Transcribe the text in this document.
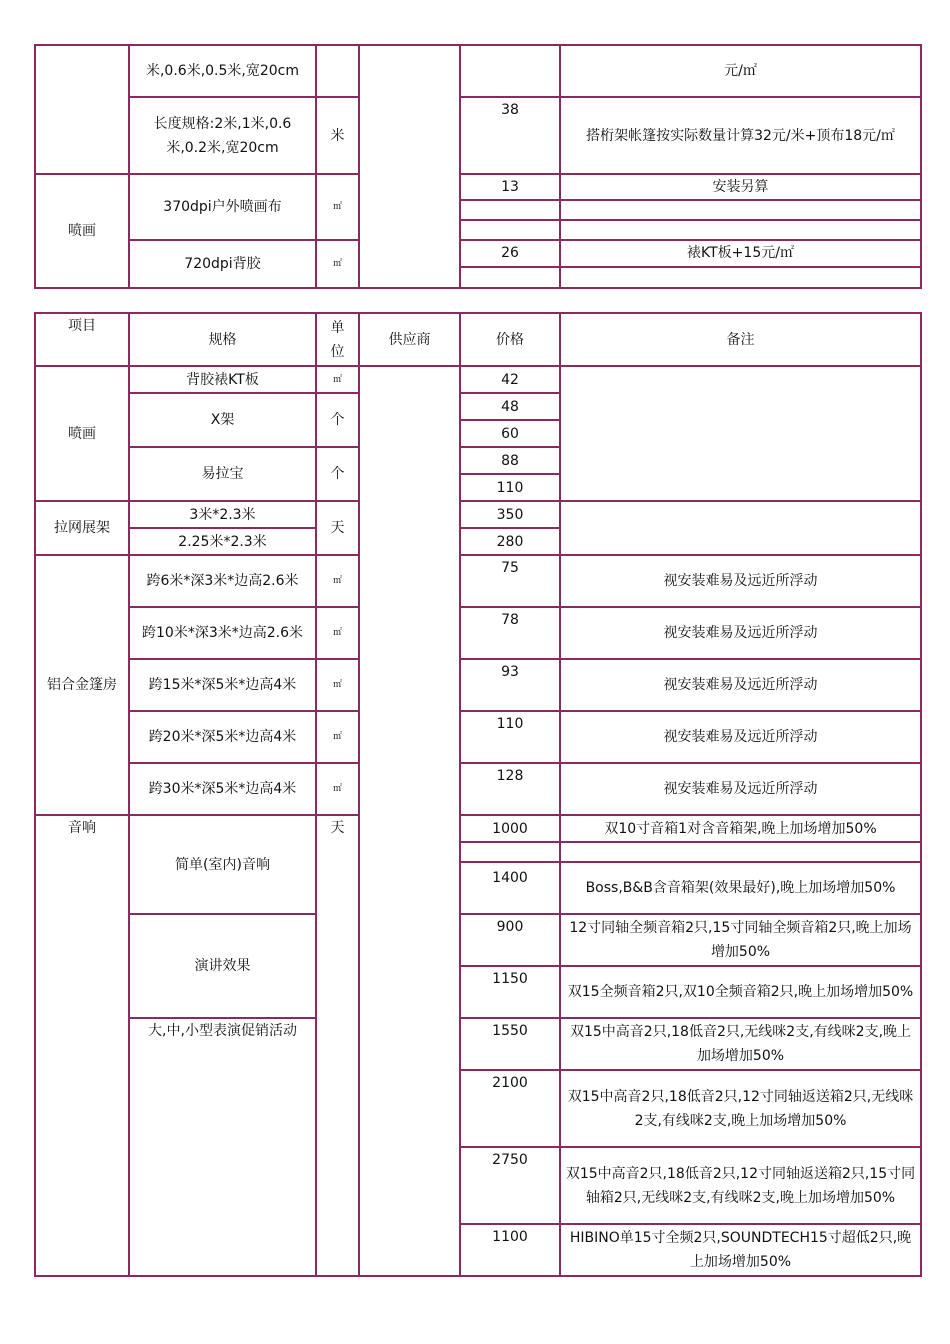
	米,0.6米,0.5米,宽20cm				元/㎡
	长度规格:2米,1米,0.6米,0.2米,宽20cm	米		38	搭桁架帐篷按实际数量计算32元/米+顶布18元/㎡
喷画	370dpi户外喷画布	㎡		13	安装另算

	720dpi背胶	㎡		26	裱KT板+15元/㎡
项目	规格	单位	供应商	价格	备注
喷画	背胶裱KT板	㎡		42	
	X架	个		48	
				60	
	易拉宝	个		88	
				110	
拉网展架	3米*2.3米	天		350	
	2.25米*2.3米			280	
铝合金篷房	跨6米*深3米*边高2.6米	㎡		75	视安装难易及远近所浮动
	跨10米*深3米*边高2.6米	㎡		78	视安装难易及远近所浮动
	跨15米*深5米*边高4米	㎡		93	视安装难易及远近所浮动
	跨20米*深5米*边高4米	㎡		110	视安装难易及远近所浮动
	跨30米*深5米*边高4米	㎡		128	视安装难易及远近所浮动
音响	简单(室内)音响	天		1000	双10寸音箱1对含音箱架,晚上加场增加50%

				1400	Boss,B&B含音箱架(效果最好),晚上加场增加50%
	演讲效果			900	12寸同轴全频音箱2只,15寸同轴全频音箱2只,晚上加场增加50%
				1150	双15全频音箱2只,双10全频音箱2只,晚上加场增加50%
	大,中,小型表演促销活动			1550	双15中高音2只,18低音2只,无线咪2支,有线咪2支,晚上加场增加50%
				2100	双15中高音2只,18低音2只,12寸同轴返送箱2只,无线咪2支,有线咪2支,晚上加场增加50%
				2750	双15中高音2只,18低音2只,12寸同轴返送箱2只,15寸同轴箱2只,无线咪2支,有线咪2支,晚上加场增加50%
				1100	HIBINO单15寸全频2只,SOUNDTECH15寸超低2只,晚上加场增加50%
